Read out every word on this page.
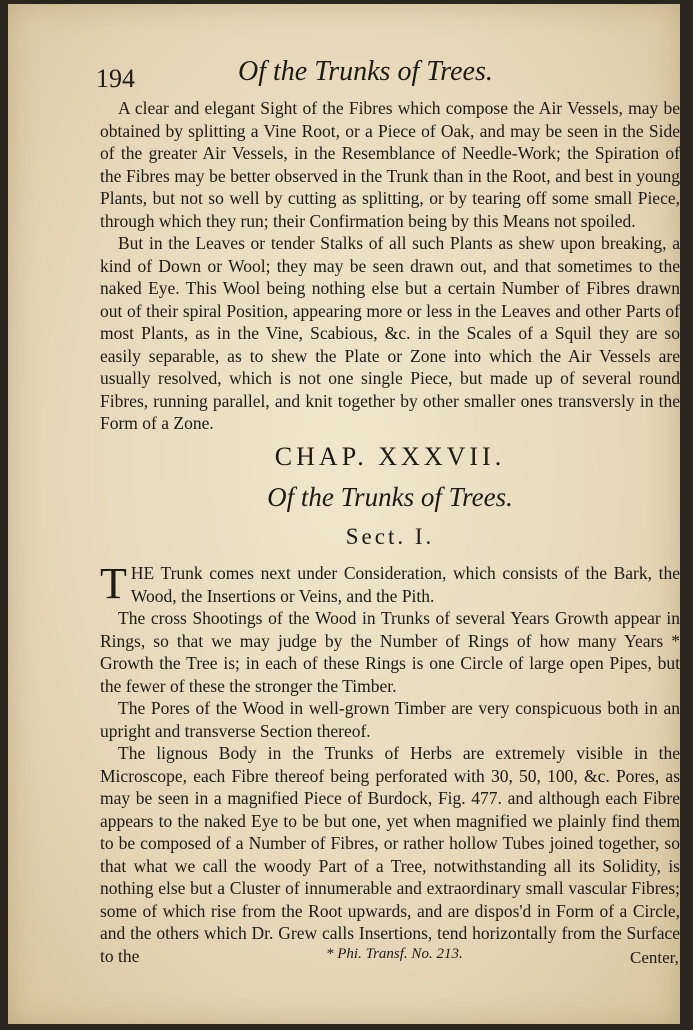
194	Of the Trunks of Trees.

A clear and elegant Sight of the Fibres which compose the Air Vessels, may be obtained by splitting a Vine Root, or a Piece of Oak, and may be seen in the Side of the greater Air Vessels, in the Resemblance of Needle-Work; the Spiration of the Fibres may be better observed in the Trunk than in the Root, and best in young Plants, but not so well by cutting as splitting, or by tearing off some small Piece, through which they run; their Confirmation being by this Means not spoiled.

But in the Leaves or tender Stalks of all such Plants as shew upon breaking, a kind of Down or Wool; they may be seen drawn out, and that sometimes to the naked Eye. This Wool being nothing else but a certain Number of Fibres drawn out of their spiral Position, appearing more or less in the Leaves and other Parts of most Plants, as in the Vine, Scabious, &c. in the Scales of a Squil they are so easily separable, as to shew the Plate or Zone into which the Air Vessels are usually resolved, which is not one single Piece, but made up of several round Fibres, running parallel, and knit together by other smaller ones transversly in the Form of a Zone.

CHAP. XXXVII.
Of the Trunks of Trees.
Sect. I.

THE Trunk comes next under Consideration, which consists of the Bark, the Wood, the Insertions or Veins, and the Pith.

The cross Shootings of the Wood in Trunks of several Years Growth appear in Rings, so that we may judge by the Number of Rings of how many Years * Growth the Tree is; in each of these Rings is one Circle of large open Pipes, but the fewer of these the stronger the Timber.

The Pores of the Wood in well-grown Timber are very conspicuous both in an upright and transverse Section thereof.

The lignous Body in the Trunks of Herbs are extremely visible in the Microscope, each Fibre thereof being perforated with 30, 50, 100, &c. Pores, as may be seen in a magnified Piece of Burdock, Fig. 477. and although each Fibre appears to the naked Eye to be but one, yet when magnified we plainly find them to be composed of a Number of Fibres, or rather hollow Tubes joined together, so that what we call the woody Part of a Tree, notwithstanding all its Solidity, is nothing else but a Cluster of innumerable and extraordinary small vascular Fibres; some of which rise from the Root upwards, and are dispos'd in Form of a Circle, and the others which Dr. Grew calls Insertions, tend horizontally from the Surface to the	* Phi. Transf. No. 213.	Center,
